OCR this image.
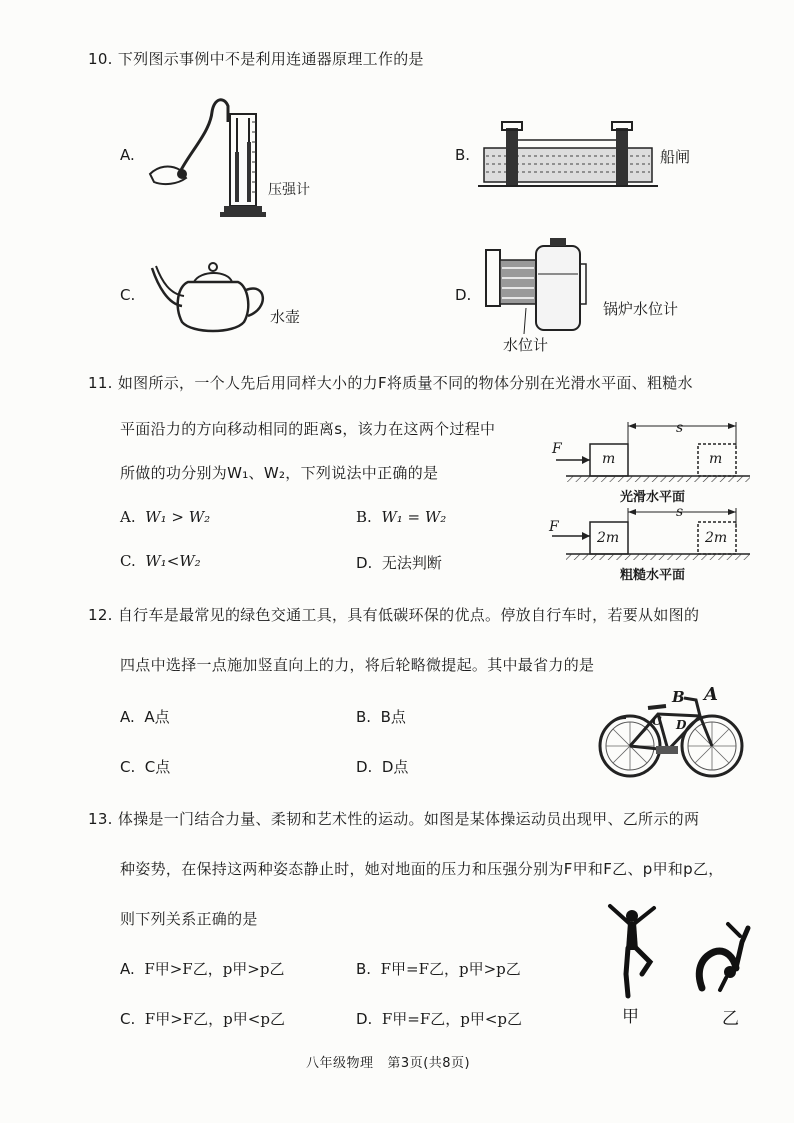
10. 下列图示事例中不是利用连通器原理工作的是
A.
压强计
B.	船闸
C.
水壶
D.
锅炉水位计
水位计
11. 如图所示，一个人先后用同样大小的力F将质量不同的物体分别在光滑水平面、粗糙水
平面沿力的方向移动相同的距离s，该力在这两个过程中
所做的功分别为W₁、W₂，下列说法中正确的是
A. W₁ > W₂	B. W₁ = W₂
C. W₁<W₂	D. 无法判断
F
s
m	m
光滑水平面
F
s
2m	2m
粗糙水平面
12. 自行车是最常见的绿色交通工具，具有低碳环保的优点。停放自行车时，若要从如图的
四点中选择一点施加竖直向上的力，将后轮略微提起。其中最省力的是
A. A点	B. B点
C. C点	D. D点
B A
C D
13. 体操是一门结合力量、柔韧和艺术性的运动。如图是某体操运动员出现甲、乙所示的两
种姿势，在保持这两种姿态静止时，她对地面的压力和压强分别为F甲和F乙、p甲和p乙，
则下列关系正确的是
A. F甲>F乙，p甲>p乙	B. F甲=F乙，p甲>p乙
C. F甲>F乙，p甲<p乙	D. F甲=F乙，p甲<p乙	甲	乙
八年级物理 第3页(共8页)
